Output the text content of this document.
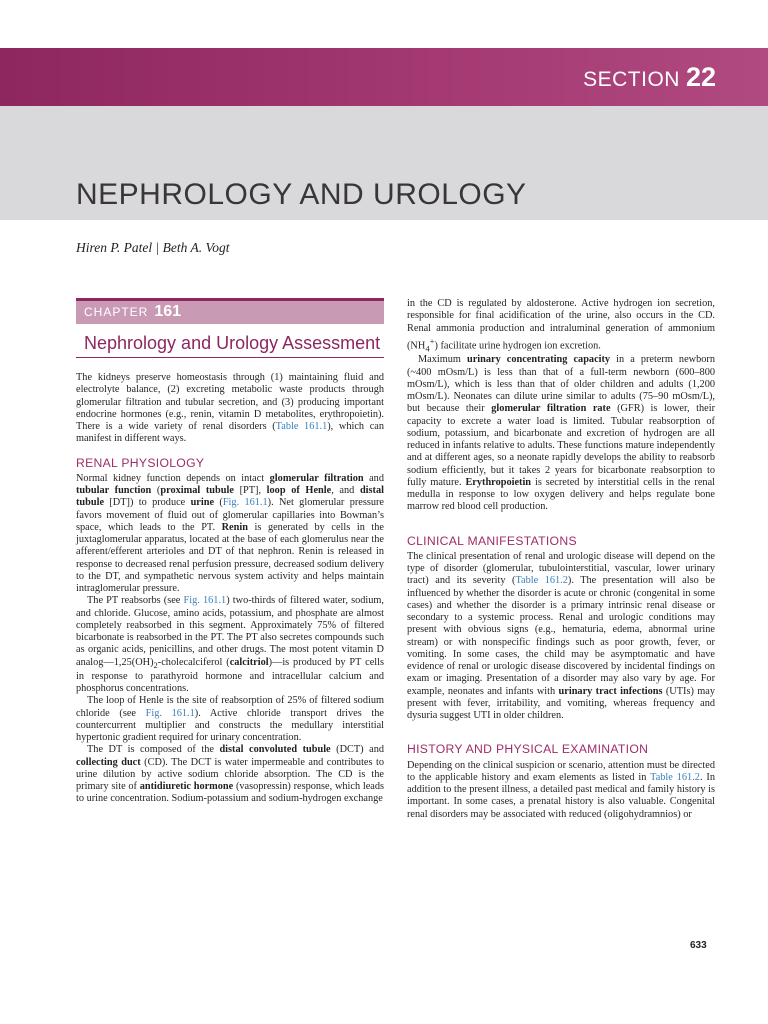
SECTION 22
NEPHROLOGY AND UROLOGY
Hiren P. Patel | Beth A. Vogt
CHAPTER 161
Nephrology and Urology Assessment

The kidneys preserve homeostasis through (1) maintaining fluid and electrolyte balance, (2) excreting metabolic waste products through glomerular filtration and tubular secretion, and (3) producing important endocrine hormones (e.g., renin, vitamin D metabolites, erythropoietin). There is a wide variety of renal disorders (Table 161.1), which can manifest in different ways.

RENAL PHYSIOLOGY

Normal kidney function depends on intact glomerular filtration and tubular function (proximal tubule [PT], loop of Henle, and distal tubule [DT]) to produce urine (Fig. 161.1). Net glomerular pressure favors movement of fluid out of glomerular capillaries into Bowman’s space, which leads to the PT. Renin is generated by cells in the juxtaglomerular apparatus, located at the base of each glomerulus near the afferent/efferent arterioles and DT of that nephron. Renin is released in response to decreased renal perfusion pressure, decreased sodium delivery to the DT, and sympathetic nervous system activity and helps maintain intraglomerular pressure.

The PT reabsorbs (see Fig. 161.1) two-thirds of filtered water, sodium, and chloride. Glucose, amino acids, potassium, and phosphate are almost completely reabsorbed in this segment. Approximately 75% of filtered bicarbonate is reabsorbed in the PT. The PT also secretes compounds such as organic acids, penicillins, and other drugs. The most potent vitamin D $analog—1,25(OH)_2$-cholecalciferol (calcitriol)—is produced by PT cells in response to parathyroid hormone and intracellular calcium and phosphorus concentrations.

The loop of Henle is the site of reabsorption of 25% of filtered sodium chloride (see Fig. 161.1). Active chloride transport drives the countercurrent multiplier and constructs the medullary interstitial hypertonic gradient required for urinary concentration.

The DT is composed of the distal convoluted tubule (DCT) and collecting duct (CD). The DCT is water impermeable and contributes to urine dilution by active sodium chloride absorption. The CD is the primary site of antidiuretic hormone (vasopressin) response, which leads to urine concentration. Sodium-potassium and sodium-hydrogen exchange

in the CD is regulated by aldosterone. Active hydrogen ion secretion, responsible for final acidification of the urine, also occurs in the CD. Renal ammonia production and intraluminal generation of ammonium $(NH_4^+)$ facilitate urine hydrogen ion excretion.

Maximum urinary concentrating capacity in a preterm newborn (~400 mOsm/L) is less than that of a full-term newborn (600–800 mOsm/L), which is less than that of older children and adults (1,200 mOsm/L). Neonates can dilute urine similar to adults (75–90 mOsm/L), but because their glomerular filtration rate (GFR) is lower, their capacity to excrete a water load is limited. Tubular reabsorption of sodium, potassium, and bicarbonate and excretion of hydrogen are all reduced in infants relative to adults. These functions mature independently and at different ages, so a neonate rapidly develops the ability to reabsorb sodium efficiently, but it takes 2 years for bicarbonate reabsorption to fully mature. Erythropoietin is secreted by interstitial cells in the renal medulla in response to low oxygen delivery and helps regulate bone marrow red blood cell production.

CLINICAL MANIFESTATIONS

The clinical presentation of renal and urologic disease will depend on the type of disorder (glomerular, tubulointerstitial, vascular, lower urinary tract) and its severity (Table 161.2). The presentation will also be influenced by whether the disorder is acute or chronic (congenital in some cases) and whether the disorder is a primary intrinsic renal disease or secondary to a systemic process. Renal and urologic conditions may present with obvious signs (e.g., hematuria, edema, abnormal urine stream) or with nonspecific findings such as poor growth, fever, or vomiting. In some cases, the child may be asymptomatic and have evidence of renal or urologic disease discovered by incidental findings on exam or imaging. Presentation of a disorder may also vary by age. For example, neonates and infants with urinary tract infections (UTIs) may present with fever, irritability, and vomiting, whereas frequency and dysuria suggest UTI in older children.

HISTORY AND PHYSICAL EXAMINATION

Depending on the clinical suspicion or scenario, attention must be directed to the applicable history and exam elements as listed in Table 161.2. In addition to the present illness, a detailed past medical and family history is important. In some cases, a prenatal history is also valuable. Congenital renal disorders may be associated with reduced (oligohydramnios) or

633
